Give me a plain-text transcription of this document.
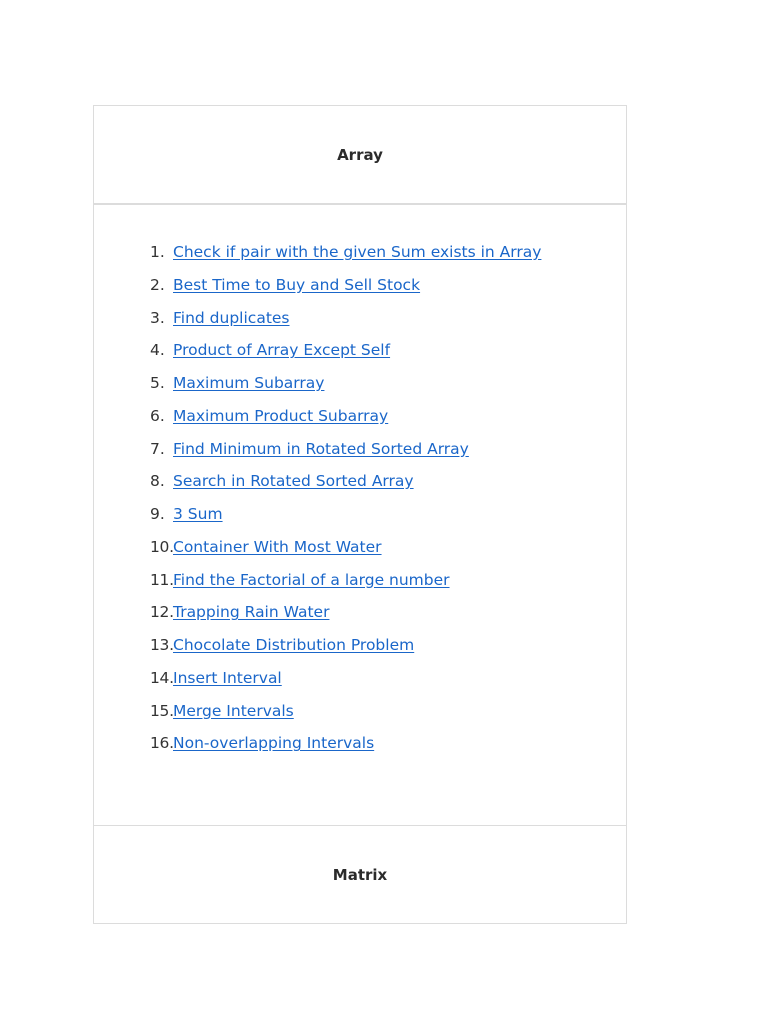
Array
1. Check if pair with the given Sum exists in Array
2. Best Time to Buy and Sell Stock
3. Find duplicates
4. Product of Array Except Self
5. Maximum Subarray
6. Maximum Product Subarray
7. Find Minimum in Rotated Sorted Array
8. Search in Rotated Sorted Array
9. 3 Sum
10. Container With Most Water
11. Find the Factorial of a large number
12. Trapping Rain Water
13. Chocolate Distribution Problem
14. Insert Interval
15. Merge Intervals
16. Non-overlapping Intervals
Matrix
